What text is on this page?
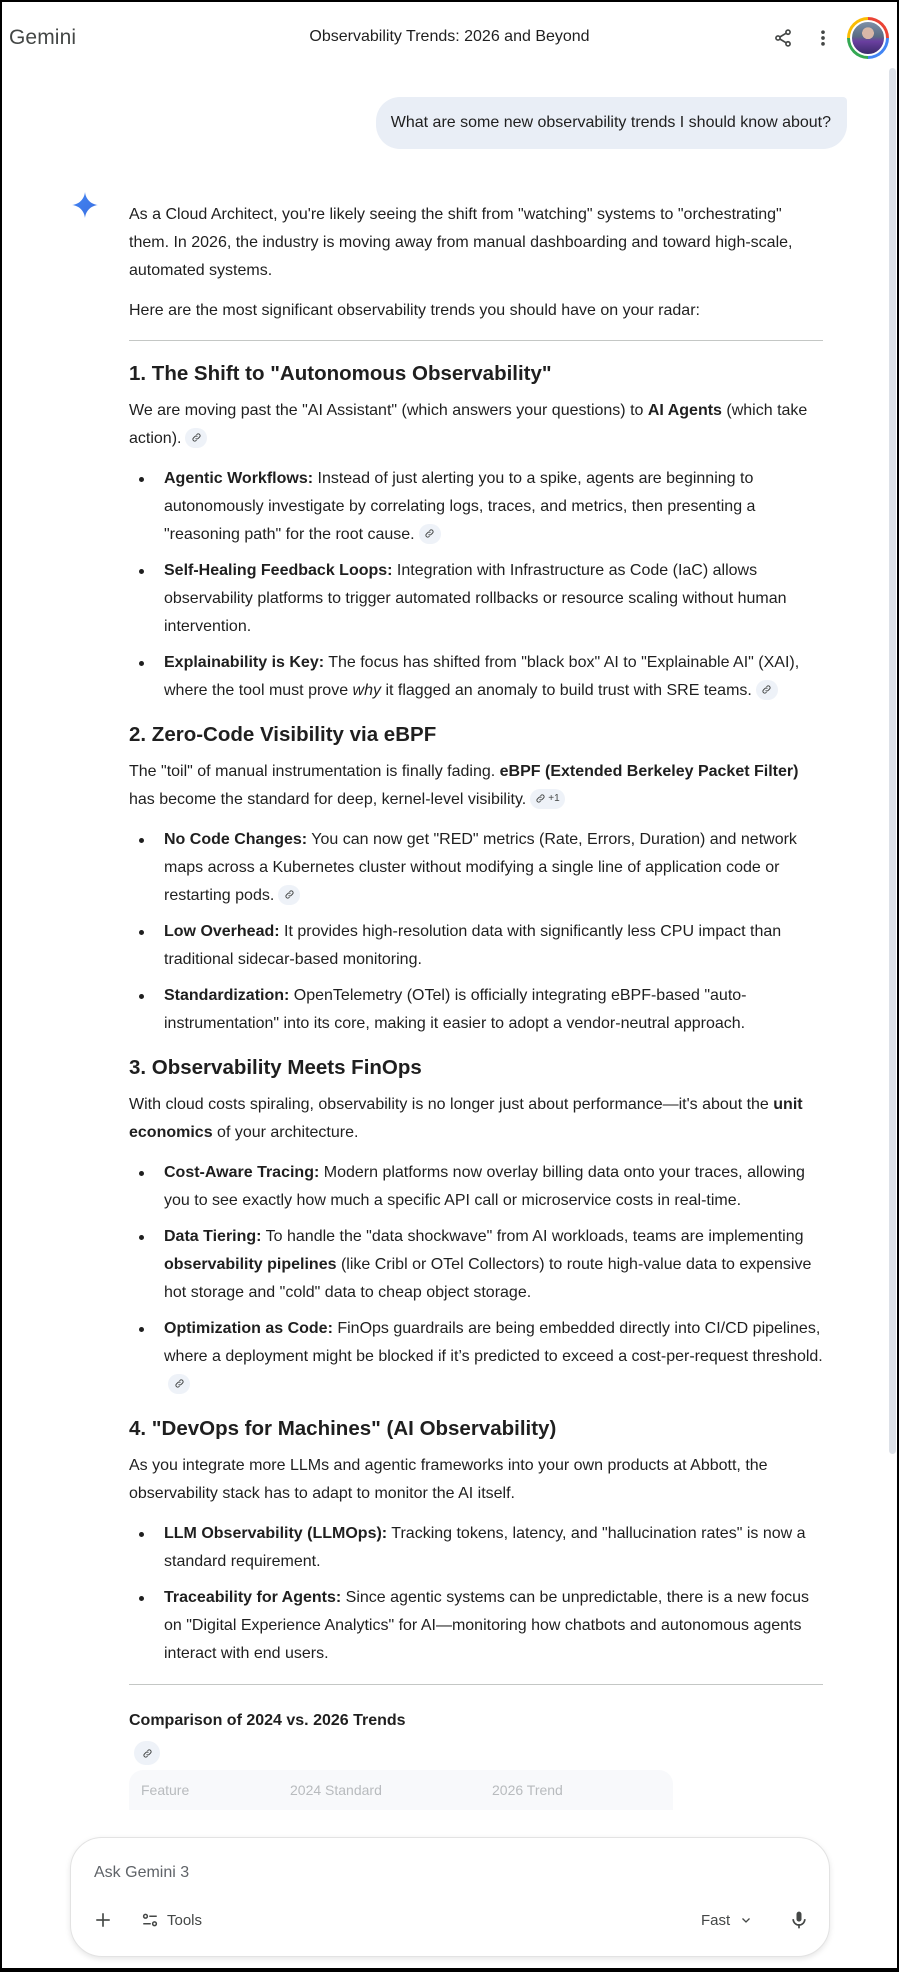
Gemini	Observability Trends: 2026 and Beyond
What are some new observability trends I should know about?

As a Cloud Architect, you're likely seeing the shift from "watching" systems to "orchestrating" them. In 2026, the industry is moving away from manual dashboarding and toward high-scale, automated systems.

Here are the most significant observability trends you should have on your radar:

1. The Shift to "Autonomous Observability"

We are moving past the "AI Assistant" (which answers your questions) to AI Agents (which take action).

Agentic Workflows: Instead of just alerting you to a spike, agents are beginning to autonomously investigate by correlating logs, traces, and metrics, then presenting a "reasoning path" for the root cause.
Self-Healing Feedback Loops: Integration with Infrastructure as Code (IaC) allows observability platforms to trigger automated rollbacks or resource scaling without human intervention.
Explainability is Key: The focus has shifted from "black box" AI to "Explainable AI" (XAI), where the tool must prove why it flagged an anomaly to build trust with SRE teams.
2. Zero-Code Visibility via eBPF

The "toil" of manual instrumentation is finally fading. eBPF (Extended Berkeley Packet Filter) has become the standard for deep, kernel-level visibility. +1

No Code Changes: You can now get "RED" metrics (Rate, Errors, Duration) and network maps across a Kubernetes cluster without modifying a single line of application code or restarting pods.
Low Overhead: It provides high-resolution data with significantly less CPU impact than traditional sidecar-based monitoring.
Standardization: OpenTelemetry (OTel) is officially integrating eBPF-based "auto-instrumentation" into its core, making it easier to adopt a vendor-neutral approach.
3. Observability Meets FinOps

With cloud costs spiraling, observability is no longer just about performance—it's about the unit economics of your architecture.

Cost-Aware Tracing: Modern platforms now overlay billing data onto your traces, allowing you to see exactly how much a specific API call or microservice costs in real-time.
Data Tiering: To handle the "data shockwave" from AI workloads, teams are implementing observability pipelines (like Cribl or OTel Collectors) to route high-value data to expensive hot storage and "cold" data to cheap object storage.
Optimization as Code: FinOps guardrails are being embedded directly into CI/CD pipelines, where a deployment might be blocked if it’s predicted to exceed a cost-per-request threshold.
4. "DevOps for Machines" (AI Observability)

As you integrate more LLMs and agentic frameworks into your own products at Abbott, the observability stack has to adapt to monitor the AI itself.

LLM Observability (LLMOps): Tracking tokens, latency, and "hallucination rates" is now a standard requirement.
Traceability for Agents: Since agentic systems can be unpredictable, there is a new focus on "Digital Experience Analytics" for AI—monitoring how chatbots and autonomous agents interact with end users.
Comparison of 2024 vs. 2026 Trends
Feature	2024 Standard	2026 Trend
Ask Gemini 3
Tools	Fast
